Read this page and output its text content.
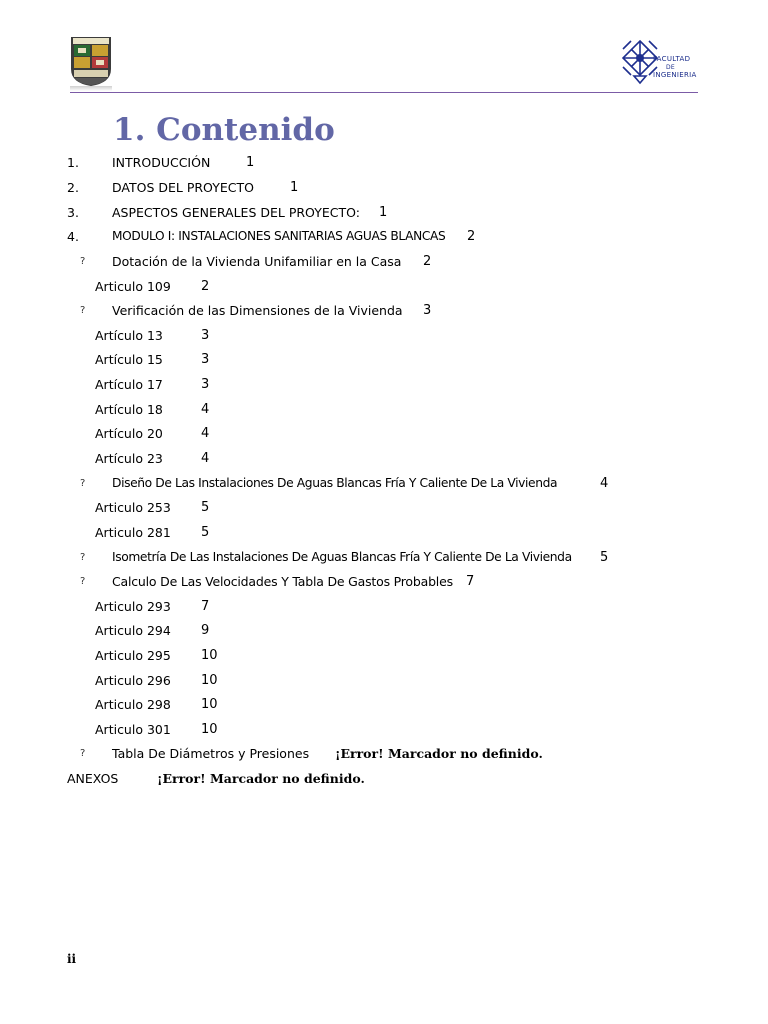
FACULTAD
DE
INGENIERIA
1. Contenido
1.	INTRODUCCIÓN	1
2.	DATOS DEL PROYECTO	1
3.	ASPECTOS GENERALES DEL PROYECTO: 1
4.	MODULO I: INSTALACIONES SANITARIAS AGUAS BLANCAS 2
? Dotación de la Vivienda Unifamiliar en la Casa 2
Articulo 109 2
? Verificación de las Dimensiones de la Vivienda 3
Artículo 13	3
Artículo 15	3
Artículo 17	3
Artículo 18	4
Artículo 20	4
Artículo 23	4
? Diseño De Las Instalaciones De Aguas Blancas Fría Y Caliente De La Vivienda	4
Articulo 253 5
Articulo 281 5
? Isometría De Las Instalaciones De Aguas Blancas Fría Y Caliente De La Vivienda 5
? Calculo De Las Velocidades Y Tabla De Gastos Probables 7
Articulo 293 7
Articulo 294 9
Articulo 295 10
Articulo 296 10
Articulo 298 10
Articulo 301 10
? Tabla De Diámetros y Presiones ¡Error! Marcador no definido.
ANEXOS	¡Error! Marcador no definido.
ii
